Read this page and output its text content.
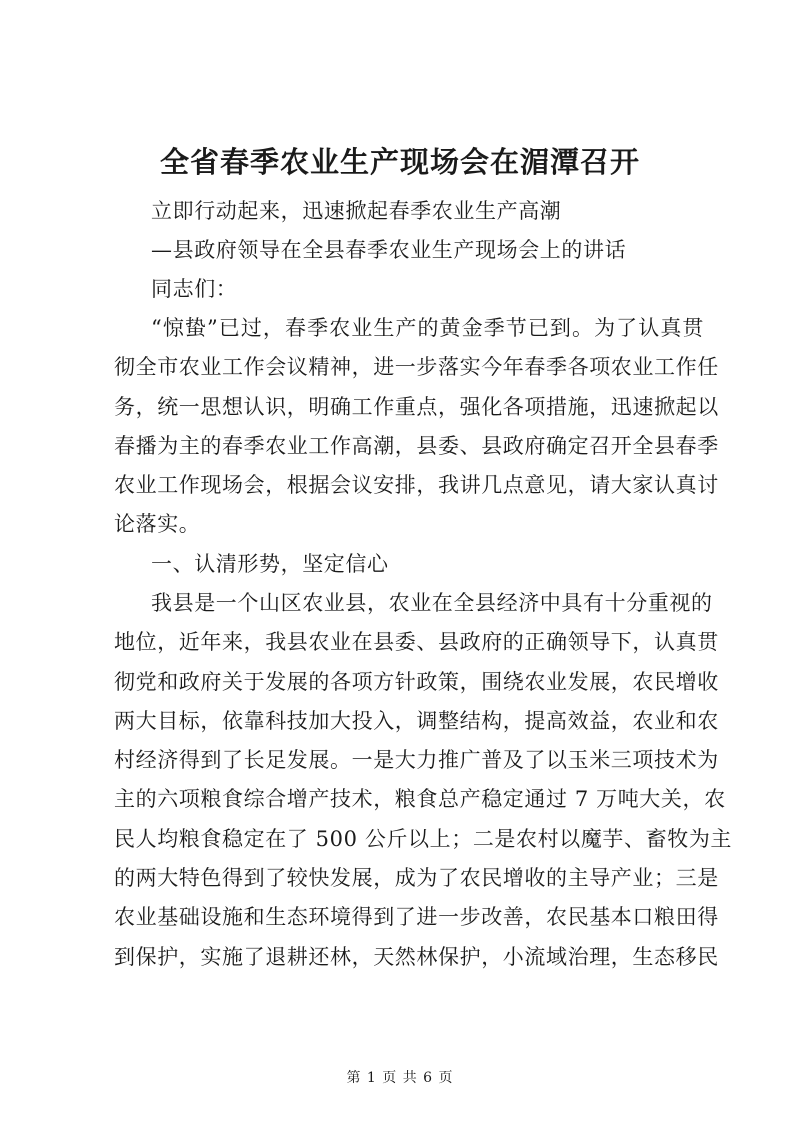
全省春季农业生产现场会在湄潭召开

立即行动起来，迅速掀起春季农业生产高潮

—县政府领导在全县春季农业生产现场会上的讲话

同志们：

“惊蛰”已过，春季农业生产的黄金季节已到。为了认真贯
彻全市农业工作会议精神，进一步落实今年春季各项农业工作任
务，统一思想认识，明确工作重点，强化各项措施，迅速掀起以
春播为主的春季农业工作高潮，县委、县政府确定召开全县春季
农业工作现场会，根据会议安排，我讲几点意见，请大家认真讨
论落实。

一、认清形势，坚定信心

我县是一个山区农业县，农业在全县经济中具有十分重视的
地位，近年来，我县农业在县委、县政府的正确领导下，认真贯
彻党和政府关于发展的各项方针政策，围绕农业发展，农民增收
两大目标，依靠科技加大投入，调整结构，提高效益，农业和农
村经济得到了长足发展。一是大力推广普及了以玉米三项技术为
主的六项粮食综合增产技术，粮食总产稳定通过 7 万吨大关，农
民人均粮食稳定在了 500 公斤以上；二是农村以魔芋、畜牧为主
的两大特色得到了较快发展，成为了农民增收的主导产业；三是
农业基础设施和生态环境得到了进一步改善，农民基本口粮田得
到保护，实施了退耕还林，天然林保护，小流域治理，生态移民
第 1 页 共 6 页
